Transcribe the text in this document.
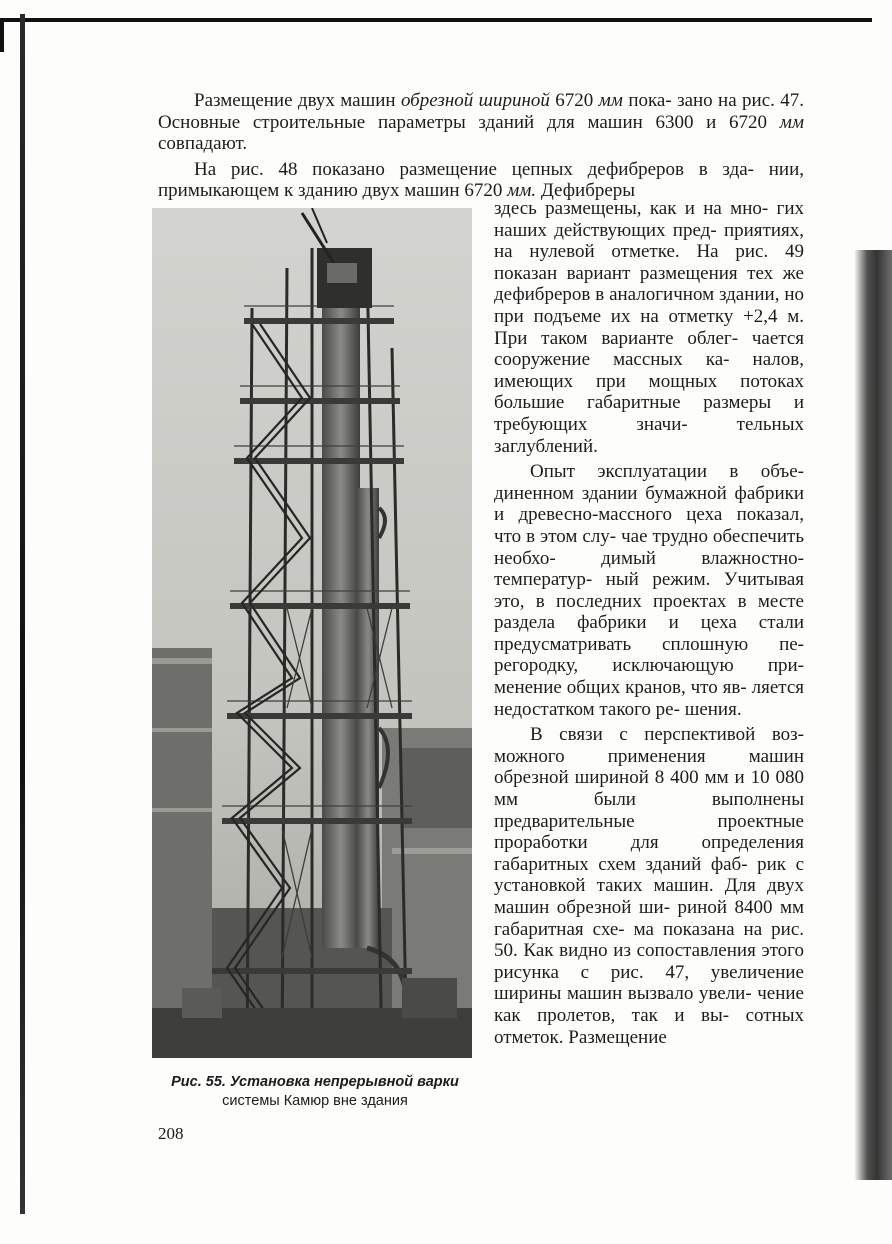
Размещение двух машин обрезной шириной 6720 мм пока- зано на рис. 47. Основные строительные параметры зданий для машин 6300 и 6720 мм совпадают.

На рис. 48 показано размещение цепных дефибреров в зда- нии, примыкающем к зданию двух машин 6720 мм. Дефибреры

здесь размещены, как и на мно- гих наших действующих пред- приятиях, на нулевой отметке. На рис. 49 показан вариант размещения тех же дефибреров в аналогичном здании, но при подъеме их на отметку +2,4 м. При таком варианте облег- чается сооружение массных ка- налов, имеющих при мощных потоках большие габаритные размеры и требующих значи-	тельных заглублений.

Опыт эксплуатации в объе- диненном здании бумажной фабрики и древесно-массного цеха показал, что в этом слу- чае трудно обеспечить необхо- димый влажностно-температур- ный режим. Учитывая это, в последних проектах в месте раздела фабрики и цеха стали предусматривать сплошную пе- регородку, исключающую при- менение общих кранов, что яв- ляется недостатком такого ре- шения.

В связи с перспективой воз- можного применения машин обрезной шириной 8 400 мм и 10 080 мм были выполнены предварительные проектные проработки для определения габаритных схем зданий фаб- рик с установкой таких машин. Для двух машин обрезной ши- риной 8400 мм габаритная схе- ма показана на рис. 50. Как видно из сопоставления этого рисунка с рис. 47, увеличение ширины машин вызвало увели- чение как пролетов, так и вы- сотных отметок. Размещение

Рис. 55. Установка непрерывной варки
системы Камюр вне здания
208
